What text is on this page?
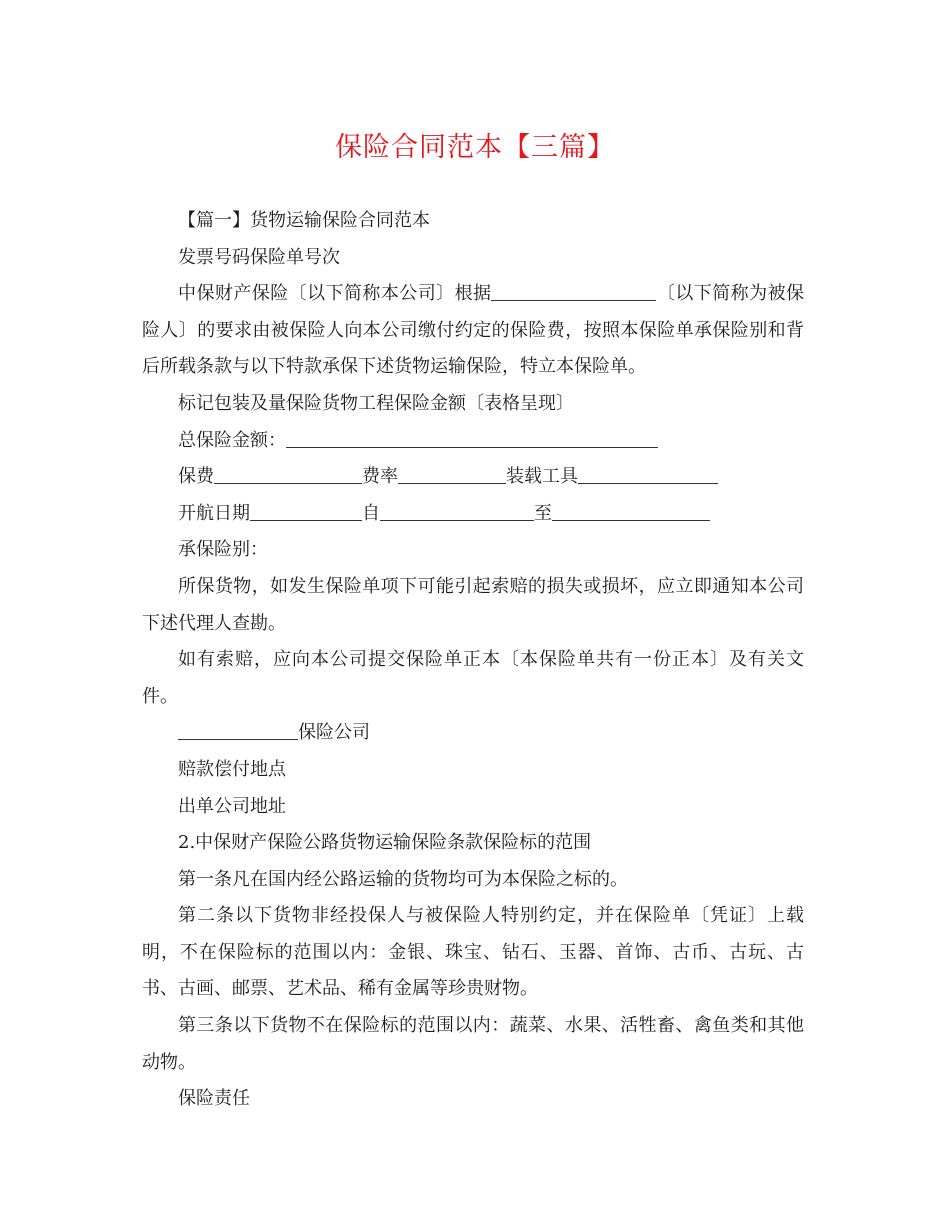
保险合同范本【三篇】

【篇一】货物运输保险合同范本

发票号码保险单号次

中保财产保险〔以下简称本公司〕根据	〔以下简称为被保险人〕的要求由被保险人向本公司缴付约定的保险费，按照本保险单承保险别和背后所载条款与以下特款承保下述货物运输保险，特立本保险单。

标记包装及量保险货物工程保险金额〔表格呈现〕

总保险金额：

保费	费率	装载工具

开航日期	自	至

承保险别：

所保货物，如发生保险单项下可能引起索赔的损失或损坏，应立即通知本公司下述代理人查勘。

如有索赔，应向本公司提交保险单正本〔本保险单共有一份正本〕及有关文件。

保险公司

赔款偿付地点

出单公司地址

2.中保财产保险公路货物运输保险条款保险标的范围

第一条凡在国内经公路运输的货物均可为本保险之标的。

第二条以下货物非经投保人与被保险人特别约定，并在保险单〔凭证〕上载明，不在保险标的范围以内：金银、珠宝、钻石、玉器、首饰、古币、古玩、古书、古画、邮票、艺术品、稀有金属等珍贵财物。

第三条以下货物不在保险标的范围以内：蔬菜、水果、活牲畜、禽鱼类和其他动物。

保险责任
